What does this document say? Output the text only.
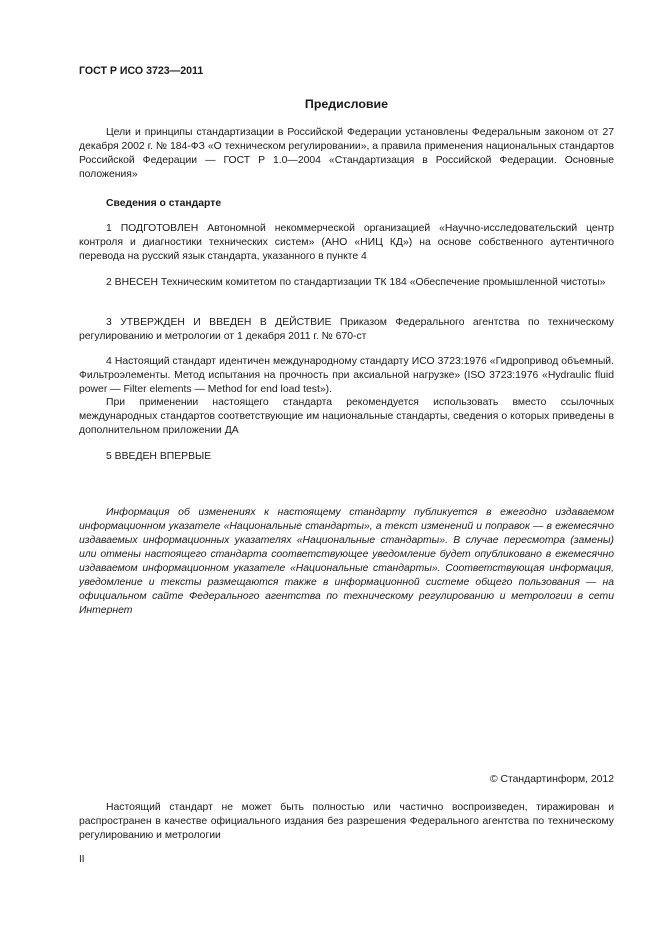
ГОСТ Р ИСО 3723—2011
Предисловие

Цели и принципы стандартизации в Российской Федерации установлены Федеральным законом от 27 декабря 2002 г. № 184-ФЗ «О техническом регулировании», а правила применения национальных стандартов Российской Федерации — ГОСТ Р 1.0—2004 «Стандартизация в Российской Федерации. Основные положения»

Сведения о стандарте

1 ПОДГОТОВЛЕН Автономной некоммерческой организацией «Научно-исследовательский центр контроля и диагностики технических систем» (АНО «НИЦ КД») на основе собственного аутентичного перевода на русский язык стандарта, указанного в пункте 4

2 ВНЕСЕН Техническим комитетом по стандартизации ТК 184 «Обеспечение промышленной чистоты»

3 УТВЕРЖДЕН И ВВЕДЕН В ДЕЙСТВИЕ Приказом Федерального агентства по техническому регулированию и метрологии от 1 декабря 2011 г. № 670-ст

4 Настоящий стандарт идентичен международному стандарту ИСО 3723:1976 «Гидропривод объемный. Фильтроэлементы. Метод испытания на прочность при аксиальной нагрузке» (ISO 3723:1976 «Hydraulic fluid power — Filter elements — Method for end load test»).

При применении настоящего стандарта рекомендуется использовать вместо ссылочных международных стандартов соответствующие им национальные стандарты, сведения о которых приведены в дополнительном приложении ДА

5 ВВЕДЕН ВПЕРВЫЕ

Информация об изменениях к настоящему стандарту публикуется в ежегодно издаваемом информационном указателе «Национальные стандарты», а текст изменений и поправок — в ежемесячно издаваемых информационных указателях «Национальные стандарты». В случае пересмотра (замены) или отмены настоящего стандарта соответствующее уведомление будет опубликовано в ежемесячно издаваемом информационном указателе «Национальные стандарты». Соответствующая информация, уведомление и тексты размещаются также в информационной системе общего пользования — на официальном сайте Федерального агентства по техническому регулированию и метрологии в сети Интернет

© Стандартинформ, 2012

Настоящий стандарт не может быть полностью или частично воспроизведен, тиражирован и распространен в качестве официального издания без разрешения Федерального агентства по техническому регулированию и метрологии

II
